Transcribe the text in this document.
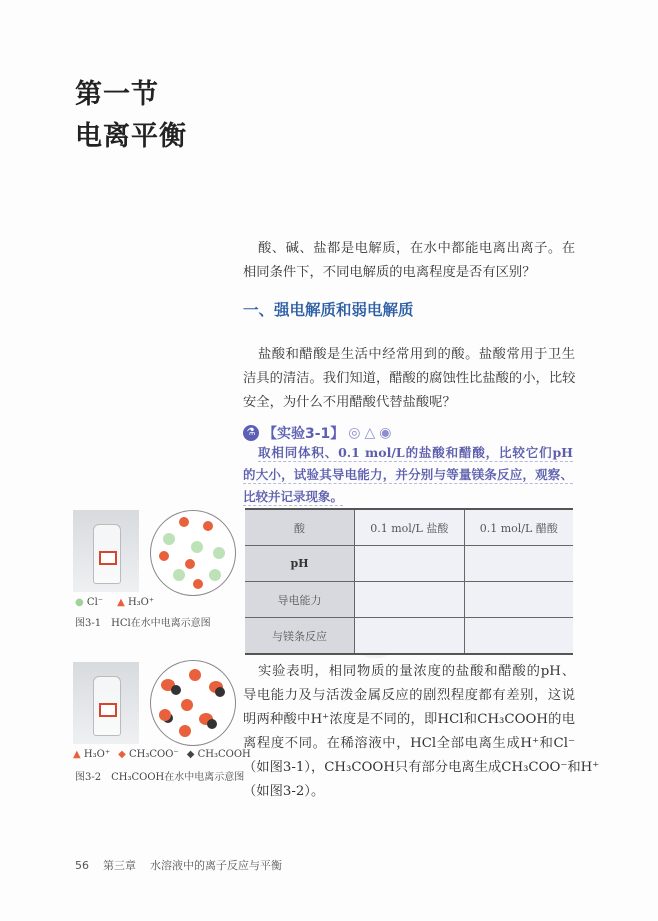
第一节
电离平衡
酸、碱、盐都是电解质，在水中都能电离出离子。在
相同条件下，不同电解质的电离程度是否有区别？
一、强电解质和弱电解质
盐酸和醋酸是生活中经常用到的酸。盐酸常用于卫生
洁具的清洁。我们知道，醋酸的腐蚀性比盐酸的小，比较
安全，为什么不用醋酸代替盐酸呢？
⚗ 【实验3-1】 ◎ △ ◉
取相同体积、0.1 mol/L的盐酸和醋酸，比较它们pH
的大小，试验其导电能力，并分别与等量镁条反应，观察、
比较并记录现象。
酸	0.1 mol/L 盐酸	0.1 mol/L 醋酸
pH		
导电能力		
与镁条反应		
● Cl⁻ ▲ H₃O⁺
图3-1　HCl在水中电离示意图
▲ H₃O⁺ ◆ CH₃COO⁻ ◆ CH₃COOH
图3-2　CH₃COOH在水中电离示意图
实验表明，相同物质的量浓度的盐酸和醋酸的pH、
导电能力及与活泼金属反应的剧烈程度都有差别，这说
明两种酸中H⁺浓度是不同的，即HCl和CH₃COOH的电
离程度不同。在稀溶液中，HCl全部电离生成H⁺和Cl⁻
（如图3-1），CH₃COOH只有部分电离生成CH₃COO⁻和H⁺
（如图3-2）。
56 第三章 水溶液中的离子反应与平衡
